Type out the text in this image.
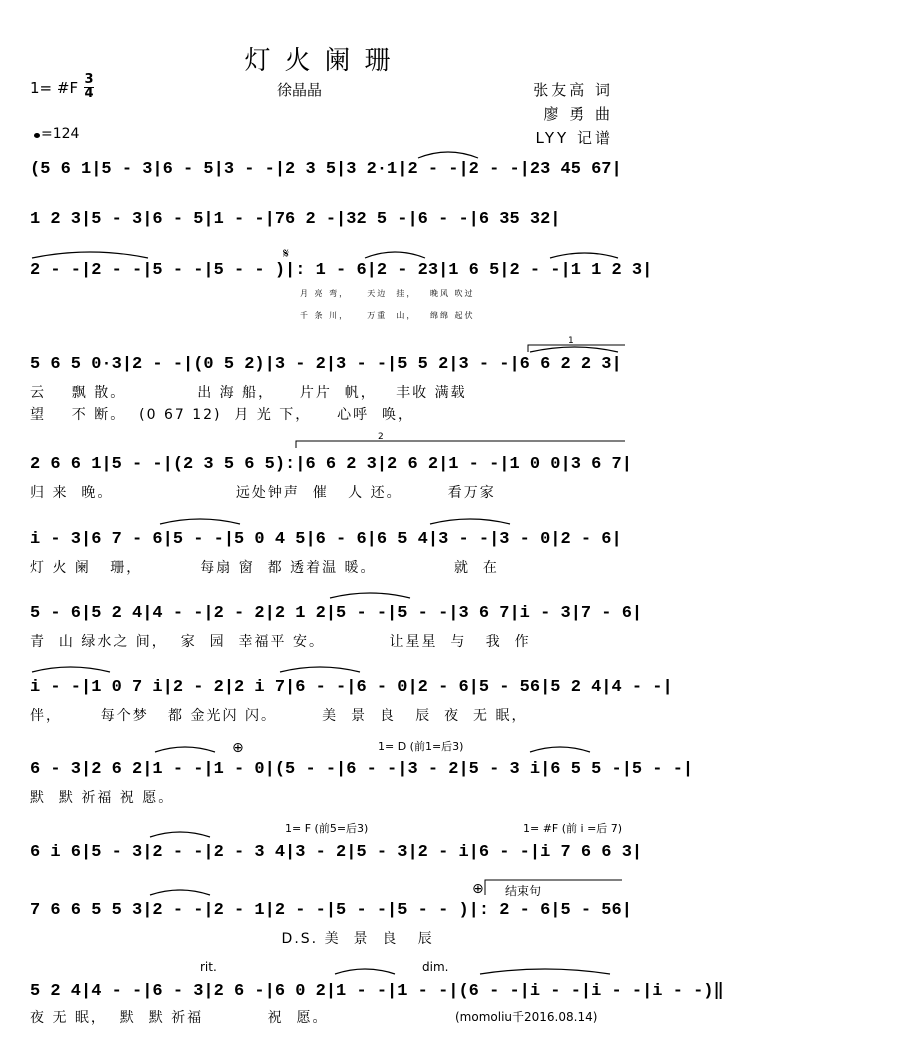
灯火阑珊
1= #F 3
4	徐晶晶	张友高 词
廖 勇 曲
LYY 记谱
=124
(5 6 1|5 - 3|6 - 5|3 - -|2 3 5|3 2·1|2 - -|2 - -|23 45 67|
1 2 3|5 - 3|6 - 5|1 - -|76 2 -|32 5 -|6 - -|6 35 32|
2 - -|2 - -|5 - -|5 - - )|: 1 - 6|2 - 23|1 6 5|2 - -|1 1 2 3|
月 亮 弯，    天边  挂，   晚风 吹过
千 条 川，    万重  山，   绵绵 起伏
5 6 5 0·3|2 - -|(0 5 2)|3 - 2|3 - -|5 5 2|3 - -|6 6 2 2 3|
云    飘 散。           出 海 船，    片片  帆，   丰收 满载
望    不 断。  (0 67 12)  月 光 下，    心呼  唤，
2 6 6 1|5 - -|(2 3 5 6 5):|6 6 2 3|2 6 2|1 - -|1 0 0|3 6 7|
归 来  晚。                   远处钟声  催   人 还。       看万家
i - 3|6 7 - 6|5 - -|5 0 4 5|6 - 6|6 5 4|3 - -|3 - 0|2 - 6|
灯 火 阑   珊，         每扇 窗  都 透着温 暖。            就  在
5 - 6|5 2 4|4 - -|2 - 2|2 1 2|5 - -|5 - -|3 6 7|i - 3|7 - 6|
青  山 绿水之 间，  家  园  幸福平 安。          让星星  与   我  作
i - -|1 0 7 i|2 - 2|2 i 7|6 - -|6 - 0|2 - 6|5 - 56|5 2 4|4 - -|
伴，      每个梦   都 金光闪 闪。       美  景  良   辰  夜  无 眠，
1= D (前1=后3)
6 - 3|2 6 2|1 - -|1 - 0|(5 - -|6 - -|3 - 2|5 - 3 i|6 5 5 -|5 - -|
默  默 祈福 祝 愿。
1= F (前5=后3)	1= #F (前 i =后 7)
6 i 6|5 - 3|2 - -|2 - 3 4|3 - 2|5 - 3|2 - i|6 - -|i 7 6 6 3|
结束句
7 6 6 5 5 3|2 - -|2 - 1|2 - -|5 - -|5 - - )|: 2 - 6|5 - 56|
D.S. 美  景  良   辰
rit.	dim.
5 2 4|4 - -|6 - 3|2 6 -|6 0 2|1 - -|1 - -|(6 - -|i - -|i - -|i - -)‖
夜 无 眠，  默  默 祈福          祝  愿。	(momoliu千2016.08.14)
1
2
𝄋
⊕
⊕
